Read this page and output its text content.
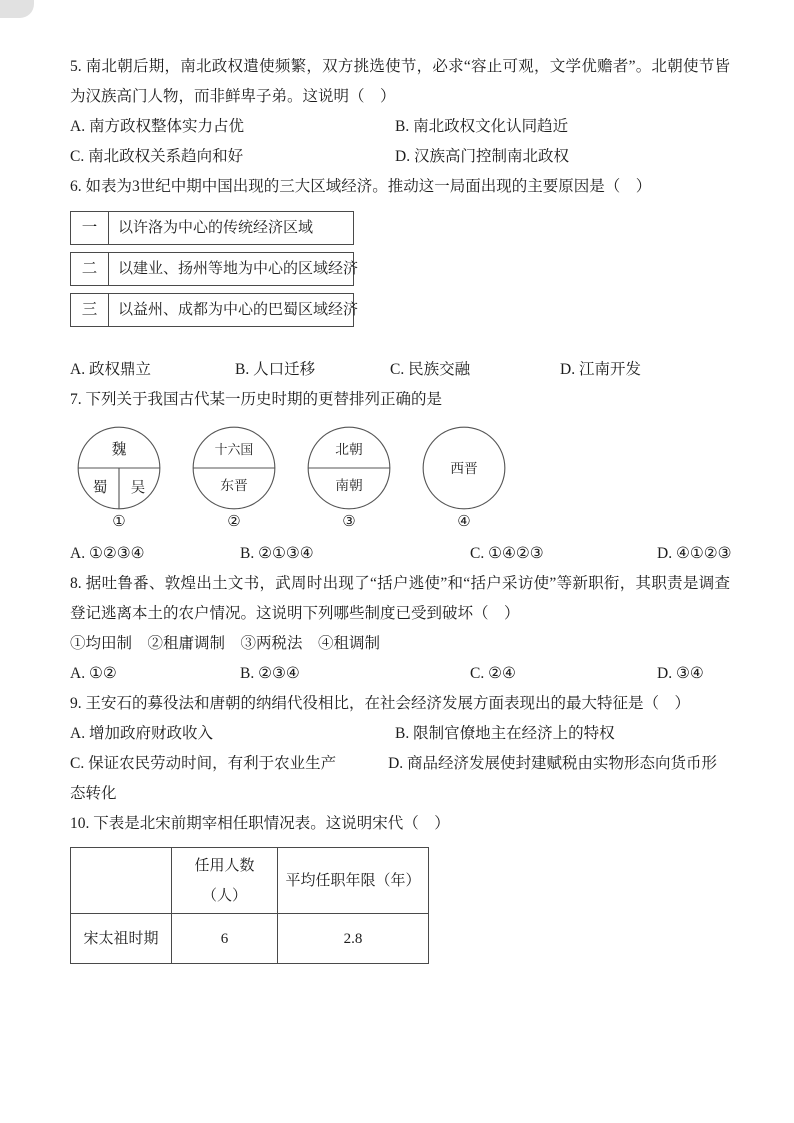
5. 南北朝后期，南北政权遣使频繁，双方挑选使节，必求“容止可观，文学优赡者”。北朝使节皆为汉族高门人物，而非鲜卑子弟。这说明（　）

A. 南方政权整体实力占优	B. 南北政权文化认同趋近
C. 南北政权关系趋向和好	D. 汉族高门控制南北政权

6. 如表为3世纪中期中国出现的三大区域经济。推动这一局面出现的主要原因是（　）

一	以许洛为中心的传统经济区域
二	以建业、扬州等地为中心的区域经济
三	以益州、成都为中心的巴蜀区域经济
A. 政权鼎立	B. 人口迁移	C. 民族交融	D. 江南开发

7. 下列关于我国古代某一历史时期的更替排列正确的是

魏
蜀 吴
①
十六国
东晋
②
北朝
南朝
③
西晋
④
A. ①②③④	B. ②①③④	C. ①④②③	D. ④①②③

8. 据吐鲁番、敦煌出土文书，武周时出现了“括户逃使”和“括户采访使”等新职衔，其职责是调查登记逃离本土的农户情况。这说明下列哪些制度已受到破坏（　）

①均田制　②租庸调制　③两税法　④租调制

A. ①②	B. ②③④	C. ②④	D. ③④

9. 王安石的募役法和唐朝的纳绢代役相比，在社会经济发展方面表现出的最大特征是（　）

A. 增加政府财政收入	B. 限制官僚地主在经济上的特权

C. 保证农民劳动时间，有利于农业生产	D. 商品经济发展使封建赋税由实物形态向货币形态转化

10. 下表是北宋前期宰相任职情况表。这说明宋代（　）

	任用人数（人）	平均任职年限（年）
宋太祖时期	6	2.8
